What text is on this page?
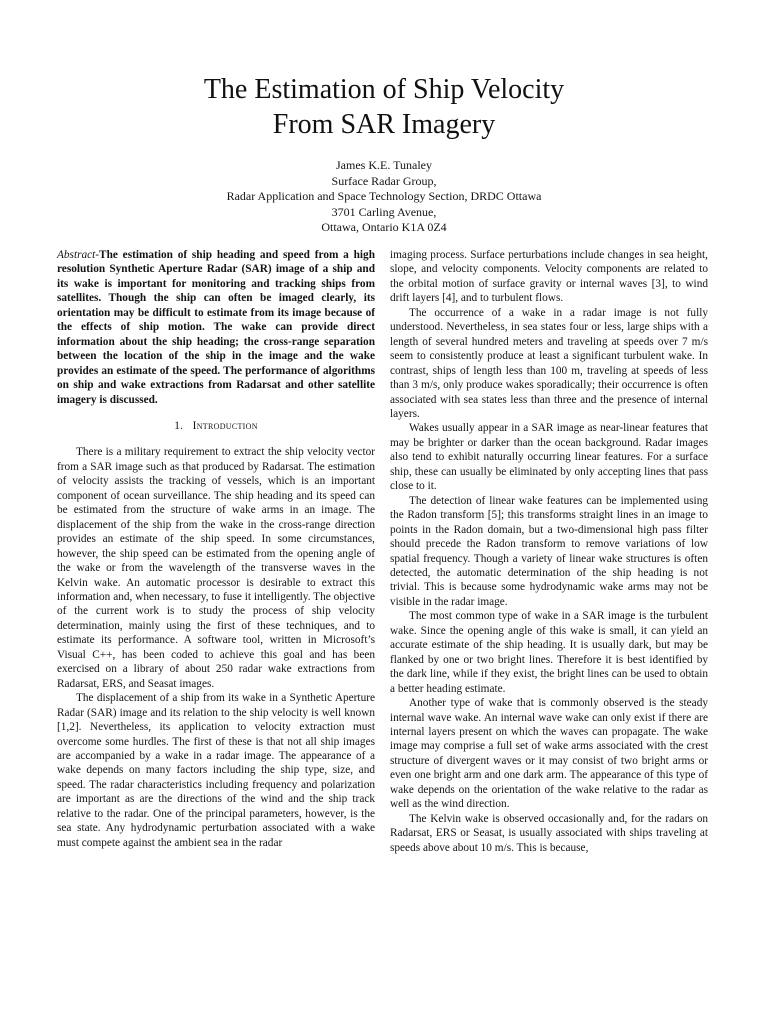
The Estimation of Ship Velocity
From SAR Imagery
James K.E. Tunaley
Surface Radar Group,
Radar Application and Space Technology Section, DRDC Ottawa
3701 Carling Avenue,
Ottawa, Ontario K1A 0Z4

Abstract-The estimation of ship heading and speed from a high resolution Synthetic Aperture Radar (SAR) image of a ship and its wake is important for monitoring and tracking ships from satellites. Though the ship can often be imaged clearly, its orientation may be difficult to estimate from its image because of the effects of ship motion. The wake can provide direct information about the ship heading; the cross-range separation between the location of the ship in the image and the wake provides an estimate of the speed. The performance of algorithms on ship and wake extractions from Radarsat and other satellite imagery is discussed.

1. Introduction

There is a military requirement to extract the ship velocity vector from a SAR image such as that produced by Radarsat. The estimation of velocity assists the tracking of vessels, which is an important component of ocean surveillance. The ship heading and its speed can be estimated from the structure of wake arms in an image. The displacement of the ship from the wake in the cross-range direction provides an estimate of the ship speed. In some circumstances, however, the ship speed can be estimated from the opening angle of the wake or from the wavelength of the transverse waves in the Kelvin wake. An automatic processor is desirable to extract this information and, when necessary, to fuse it intelligently. The objective of the current work is to study the process of ship velocity determination, mainly using the first of these techniques, and to estimate its performance. A software tool, written in Microsoft’s Visual C++, has been coded to achieve this goal and has been exercised on a library of about 250 radar wake extractions from Radarsat, ERS, and Seasat images.

The displacement of a ship from its wake in a Synthetic Aperture Radar (SAR) image and its relation to the ship velocity is well known [1,2]. Nevertheless, its application to velocity extraction must overcome some hurdles. The first of these is that not all ship images are accompanied by a wake in a radar image. The appearance of a wake depends on many factors including the ship type, size, and speed. The radar characteristics including frequency and polarization are important as are the directions of the wind and the ship track relative to the radar. One of the principal parameters, however, is the sea state. Any hydrodynamic perturbation associated with a wake must compete against the ambient sea in the radar

imaging process. Surface perturbations include changes in sea height, slope, and velocity components. Velocity components are related to the orbital motion of surface gravity or internal waves [3], to wind drift layers [4], and to turbulent flows.

The occurrence of a wake in a radar image is not fully understood. Nevertheless, in sea states four or less, large ships with a length of several hundred meters and traveling at speeds over 7 m/s seem to consistently produce at least a significant turbulent wake. In contrast, ships of length less than 100 m, traveling at speeds of less than 3 m/s, only produce wakes sporadically; their occurrence is often associated with sea states less than three and the presence of internal layers.

Wakes usually appear in a SAR image as near-linear features that may be brighter or darker than the ocean background. Radar images also tend to exhibit naturally occurring linear features. For a surface ship, these can usually be eliminated by only accepting lines that pass close to it.

The detection of linear wake features can be implemented using the Radon transform [5]; this transforms straight lines in an image to points in the Radon domain, but a two-dimensional high pass filter should precede the Radon transform to remove variations of low spatial frequency. Though a variety of linear wake structures is often detected, the automatic determination of the ship heading is not trivial. This is because some hydrodynamic wake arms may not be visible in the radar image.

The most common type of wake in a SAR image is the turbulent wake. Since the opening angle of this wake is small, it can yield an accurate estimate of the ship heading. It is usually dark, but may be flanked by one or two bright lines. Therefore it is best identified by the dark line, while if they exist, the bright lines can be used to obtain a better heading estimate.

Another type of wake that is commonly observed is the steady internal wave wake. An internal wave wake can only exist if there are internal layers present on which the waves can propagate. The wake image may comprise a full set of wake arms associated with the crest structure of divergent waves or it may consist of two bright arms or even one bright arm and one dark arm. The appearance of this type of wake depends on the orientation of the wake relative to the radar as well as the wind direction.

The Kelvin wake is observed occasionally and, for the radars on Radarsat, ERS or Seasat, is usually associated with ships traveling at speeds above about 10 m/s. This is because,
